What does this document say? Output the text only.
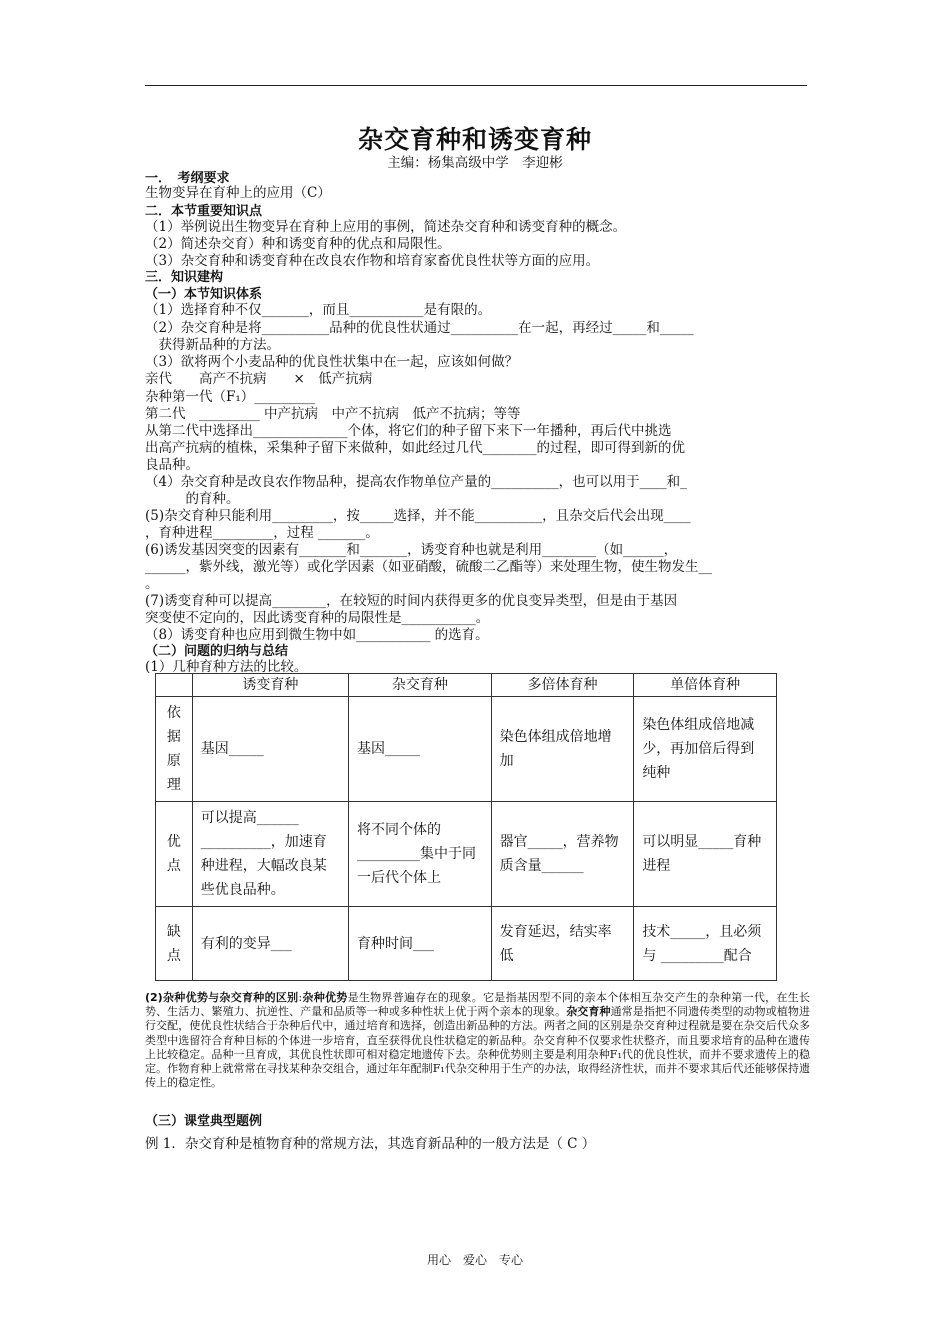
杂交育种和诱变育种
主编：杨集高级中学　李迎彬
一．　考纲要求
生物变异在育种上的应用（C）
二．本节重要知识点
（1）举例说出生物变异在育种上应用的事例，简述杂交育种和诱变育种的概念。
（2）简述杂交育）种和诱变育种的优点和局限性。
（3）杂交育种和诱变育种在改良农作物和培育家畜优良性状等方面的应用。
三．知识建构
（一）本节知识体系
（1）选择育种不仅_______，而且___________是有限的。
（2）杂交育种是将__________品种的优良性状通过__________在一起，再经过_____和_____
　获得新品种的方法。
（3）欲将两个小麦品种的优良性状集中在一起，应该如何做？
亲代　　高产不抗病　　×　低产抗病
杂种第一代（F₁）_________
第二代　_________ 中产抗病　中产不抗病　低产不抗病；等等
从第二代中选择出______________个体，将它们的种子留下来下一年播种，再后代中挑选
出高产抗病的植株，采集种子留下来做种，如此经过几代________的过程，即可得到新的优
良品种。
（4）杂交育种是改良农作物品种，提高农作物单位产量的__________，也可以用于____和_
　　　的育种。
(5)杂交育种只能利用_________，按_____选择，并不能__________，且杂交后代会出现____
，育种进程_________，过程 _______。
(6)诱发基因突变的因素有_______和_______，诱变育种也就是利用________（如______，
______，紫外线，激光等）或化学因素（如亚硝酸，硫酸二乙酯等）来处理生物，使生物发生__
。
(7)诱变育种可以提高________，在较短的时间内获得更多的优良变异类型，但是由于基因
突变使不定向的，因此诱变育种的局限性是___________。
（8）诱变育种也应用到微生物中如___________ 的选育。
（二）问题的归纳与总结
(1）几种育种方法的比较。
	诱变育种	杂交育种	多倍体育种	单倍体育种
依
据
原
理	基因_____	基因_____	染色体组成倍地增加	染色体组成倍地减少，再加倍后得到纯种
优
点	可以提高______ __________，加速育种进程，大幅改良某些优良品种。	将不同个体的_________集中于同一后代个体上	器官_____，营养物质含量______	可以明显_____育种进程
缺
点	有利的变异___	育种时间___	发育延迟，结实率低	技术_____，且必须与 _________配合
(2)杂种优势与杂交育种的区别:杂种优势是生物界普遍存在的现象。它是指基因型不同的亲本个体相互杂交产生的杂种第一代，在生长势、生活力、繁殖力、抗逆性、产量和品质等一种或多种性状上优于两个亲本的现象。杂交育种通常是指把不同遗传类型的动物或植物进行交配，使优良性状结合于杂种后代中，通过培育和选择，创造出新品种的方法。两者之间的区别是杂交育种过程就是要在杂交后代众多类型中选留符合育种目标的个体进一步培育，直至获得优良性状稳定的新品种。杂交育种不仅要求性状整齐，而且要求培育的品种在遗传上比较稳定。品种一旦育成，其优良性状即可相对稳定地遗传下去。杂种优势则主要是利用杂种F₁代的优良性状，而并不要求遗传上的稳定。作物育种上就常常在寻找某种杂交组合，通过年年配制F₁代杂交种用于生产的办法，取得经济性状，而并不要求其后代还能够保持遗传上的稳定性。
（三）课堂典型题例
例 1．杂交育种是植物育种的常规方法，其选育新品种的一般方法是（ C ）
用心　爱心　专心
